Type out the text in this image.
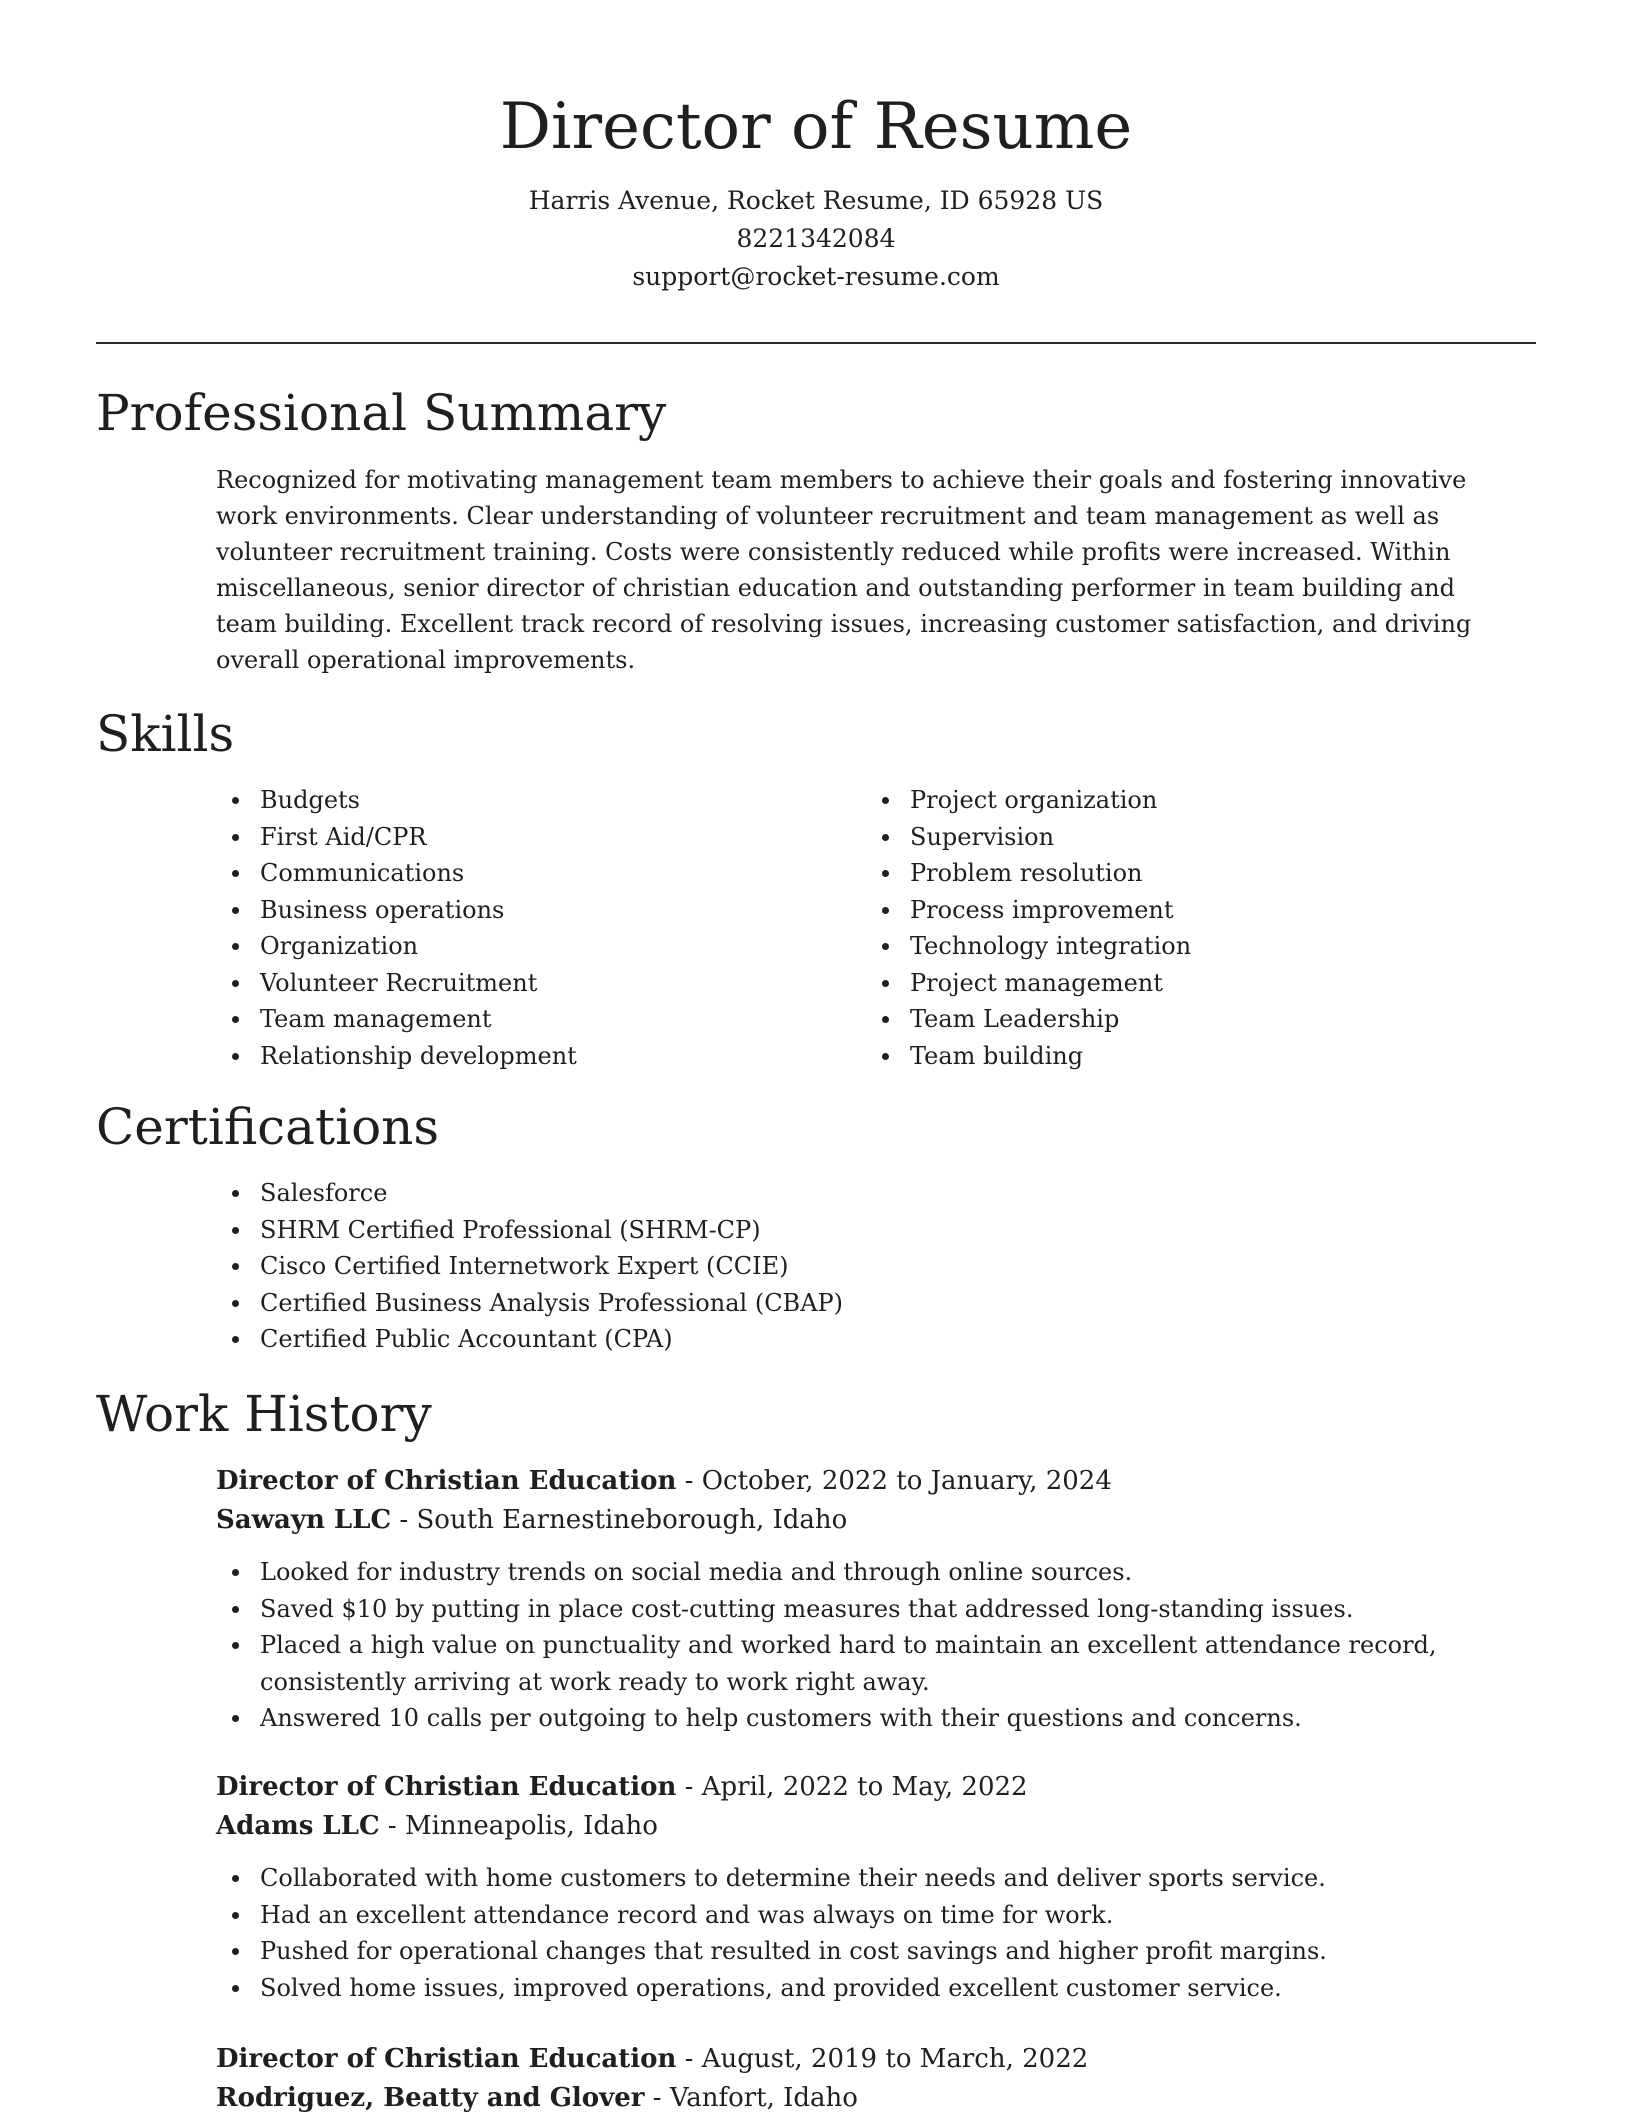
Director of Resume
Harris Avenue, Rocket Resume, ID 65928 US
8221342084
support@rocket-resume.com
Professional Summary

Recognized for motivating management team members to achieve their goals and fostering innovative work environments. Clear understanding of volunteer recruitment and team management as well as volunteer recruitment training. Costs were consistently reduced while profits were increased. Within miscellaneous, senior director of christian education and outstanding performer in team building and team building. Excellent track record of resolving issues, increasing customer satisfaction, and driving overall operational improvements.

Skills
Budgets
First Aid/CPR
Communications
Business operations
Organization
Volunteer Recruitment
Team management
Relationship development
Project organization
Supervision
Problem resolution
Process improvement
Technology integration
Project management
Team Leadership
Team building
Certifications
Salesforce
SHRM Certified Professional (SHRM-CP)
Cisco Certified Internetwork Expert (CCIE)
Certified Business Analysis Professional (CBAP)
Certified Public Accountant (CPA)
Work History

Director of Christian Education - October, 2022 to January, 2024

Sawayn LLC - South Earnestineborough, Idaho

Looked for industry trends on social media and through online sources.
Saved $10 by putting in place cost-cutting measures that addressed long-standing issues.
Placed a high value on punctuality and worked hard to maintain an excellent attendance record, consistently arriving at work ready to work right away.
Answered 10 calls per outgoing to help customers with their questions and concerns.

Director of Christian Education - April, 2022 to May, 2022

Adams LLC - Minneapolis, Idaho

Collaborated with home customers to determine their needs and deliver sports service.
Had an excellent attendance record and was always on time for work.
Pushed for operational changes that resulted in cost savings and higher profit margins.
Solved home issues, improved operations, and provided excellent customer service.

Director of Christian Education - August, 2019 to March, 2022

Rodriguez, Beatty and Glover - Vanfort, Idaho
